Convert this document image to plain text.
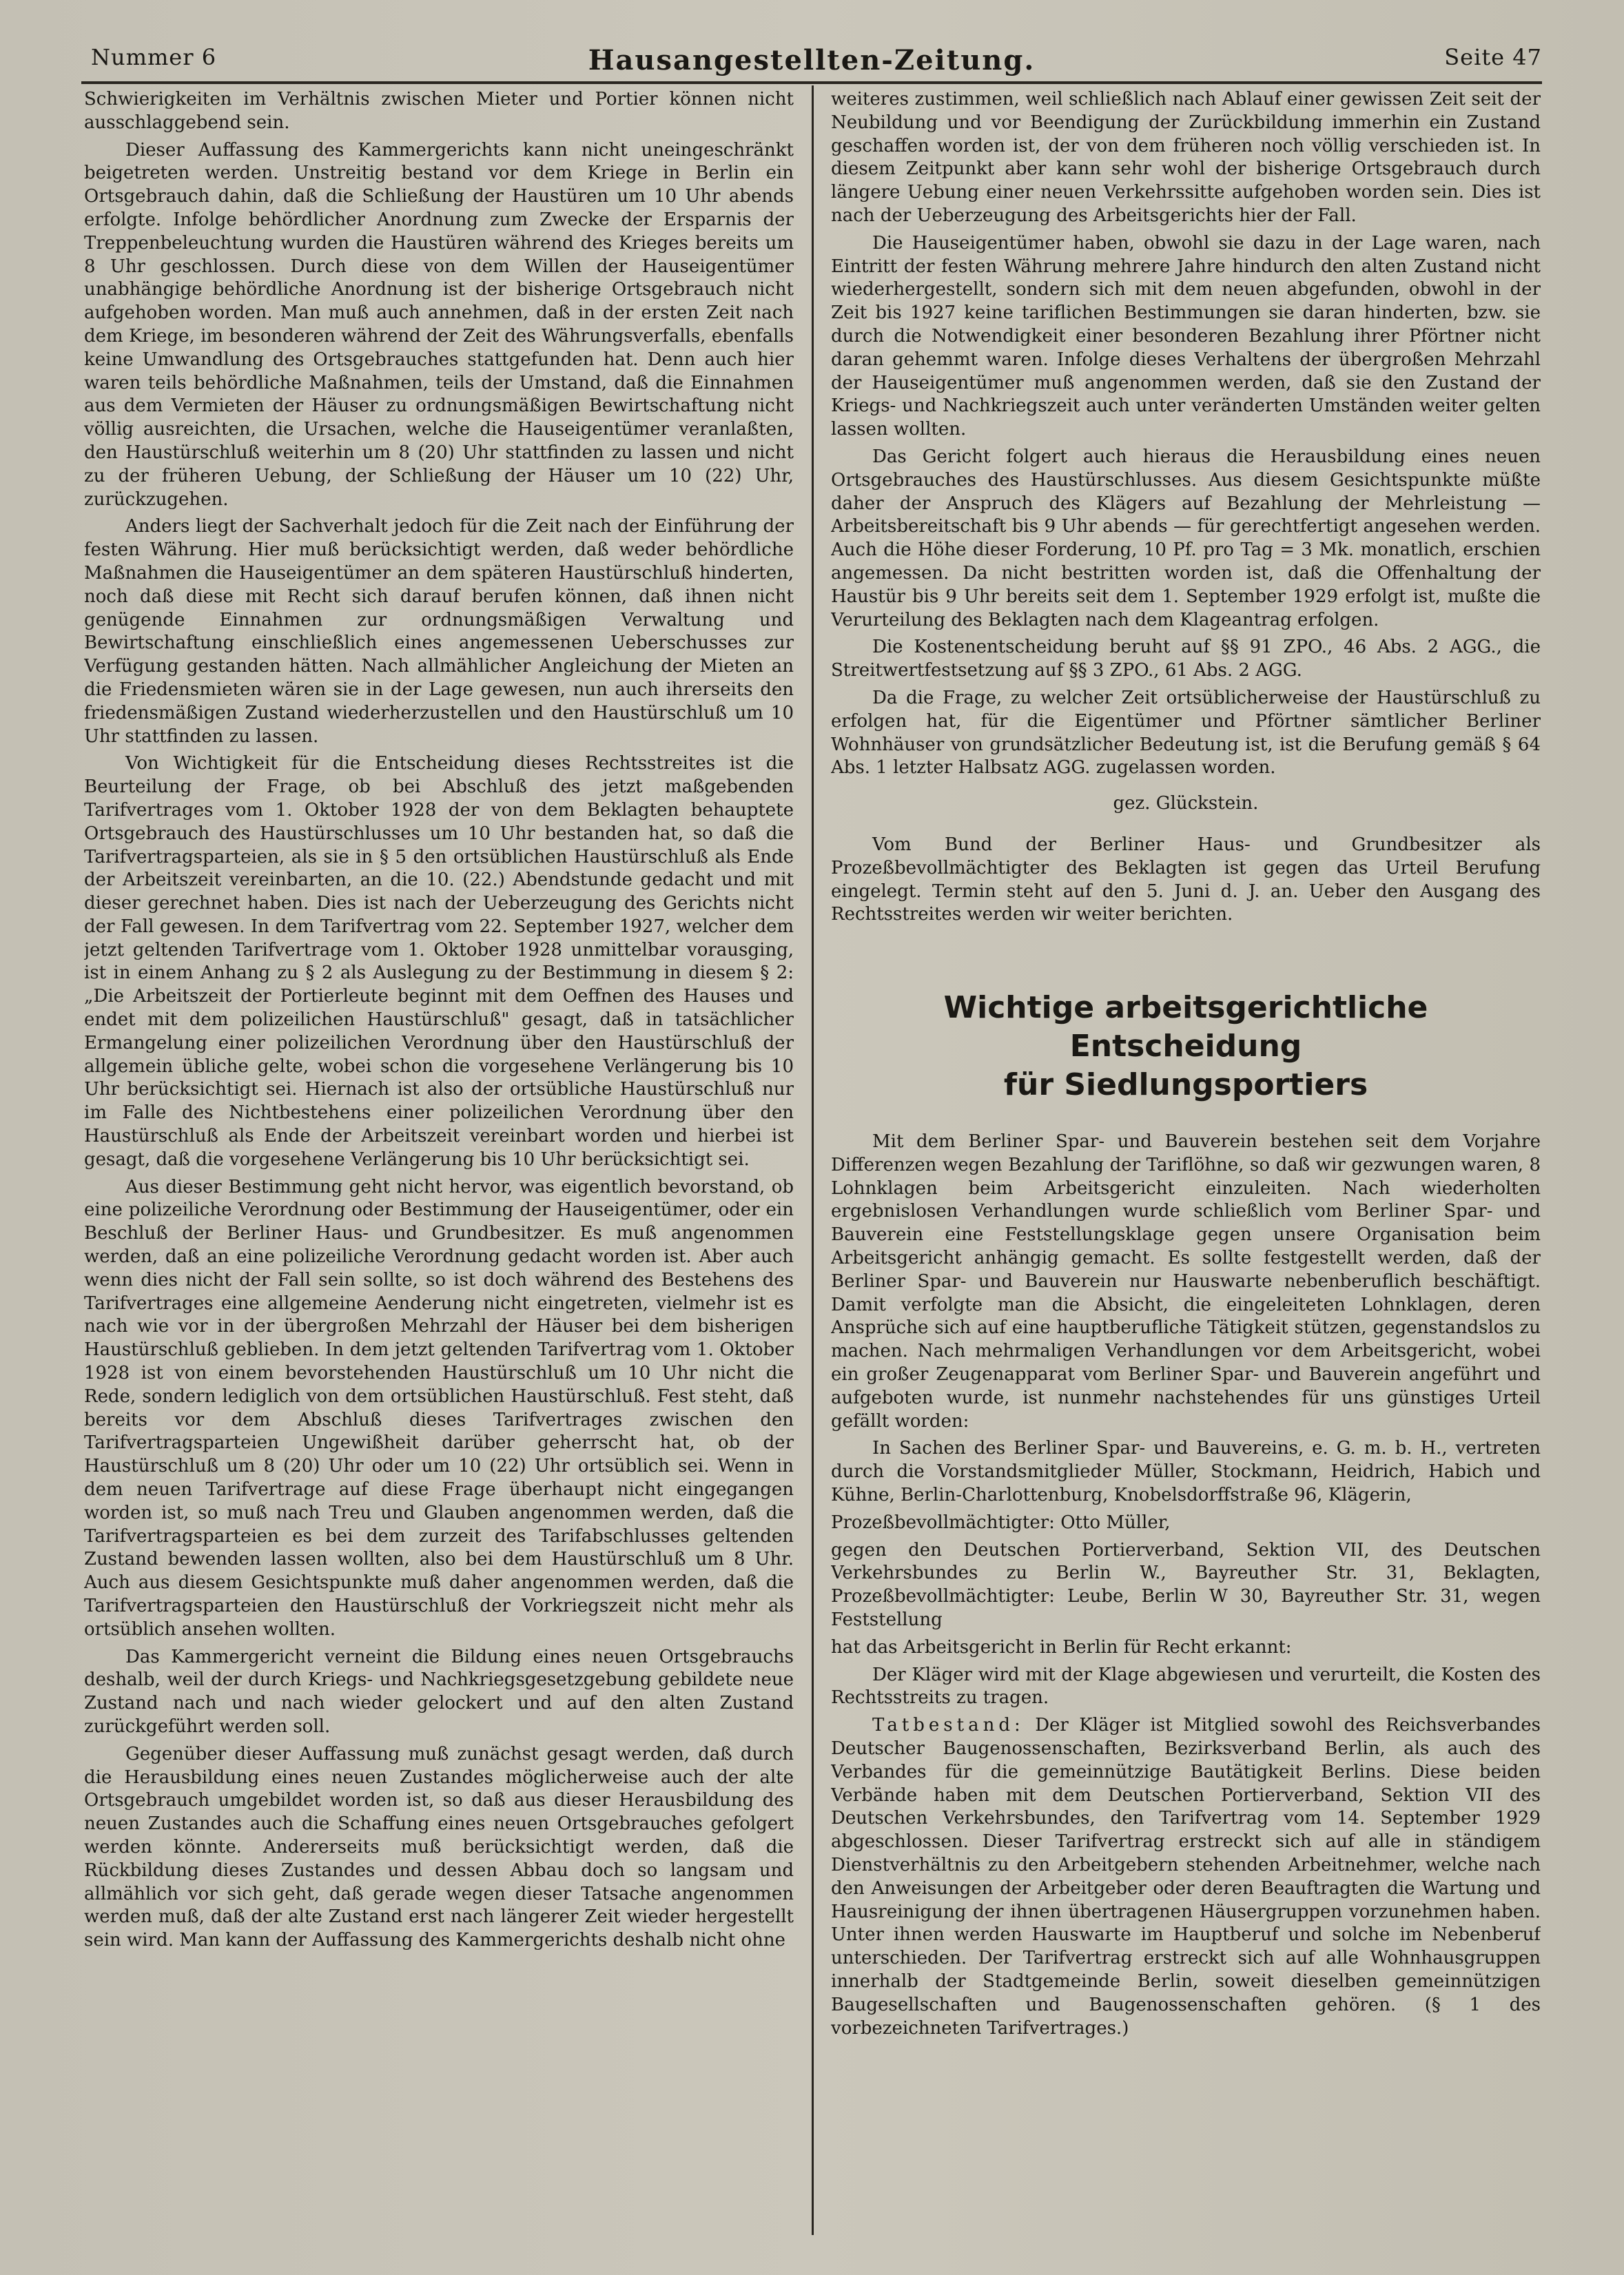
Nummer 6	Hausangestellten-Zeitung.	Seite 47

Schwierigkeiten im Verhältnis zwischen Mieter und Portier können nicht ausschlaggebend sein.

Dieser Auffassung des Kammergerichts kann nicht uneingeschränkt beigetreten werden. Unstreitig bestand vor dem Kriege in Berlin ein Ortsgebrauch dahin, daß die Schließung der Haustüren um 10 Uhr abends erfolgte. Infolge behördlicher Anordnung zum Zwecke der Ersparnis der Treppenbeleuchtung wurden die Haustüren während des Krieges bereits um 8 Uhr geschlossen. Durch diese von dem Willen der Hauseigentümer unabhängige behördliche Anordnung ist der bisherige Ortsgebrauch nicht aufgehoben worden. Man muß auch annehmen, daß in der ersten Zeit nach dem Kriege, im besonderen während der Zeit des Währungsverfalls, ebenfalls keine Umwandlung des Ortsgebrauches stattgefunden hat. Denn auch hier waren teils behördliche Maßnahmen, teils der Umstand, daß die Einnahmen aus dem Vermieten der Häuser zu ordnungsmäßigen Bewirtschaftung nicht völlig ausreichten, die Ursachen, welche die Hauseigentümer veranlaßten, den Haustürschluß weiterhin um 8 (20) Uhr stattfinden zu lassen und nicht zu der früheren Uebung, der Schließung der Häuser um 10 (22) Uhr, zurückzugehen.

Anders liegt der Sachverhalt jedoch für die Zeit nach der Einführung der festen Währung. Hier muß berücksichtigt werden, daß weder behördliche Maßnahmen die Hauseigentümer an dem späteren Haustürschluß hinderten, noch daß diese mit Recht sich darauf berufen können, daß ihnen nicht genügende Einnahmen zur ordnungsmäßigen Verwaltung und Bewirtschaftung einschließlich eines angemessenen Ueberschusses zur Verfügung gestanden hätten. Nach allmählicher Angleichung der Mieten an die Friedensmieten wären sie in der Lage gewesen, nun auch ihrerseits den friedensmäßigen Zustand wiederherzustellen und den Haustürschluß um 10 Uhr stattfinden zu lassen.

Von Wichtigkeit für die Entscheidung dieses Rechtsstreites ist die Beurteilung der Frage, ob bei Abschluß des jetzt maßgebenden Tarifvertrages vom 1. Oktober 1928 der von dem Beklagten behauptete Ortsgebrauch des Haustürschlusses um 10 Uhr bestanden hat, so daß die Tarifvertragsparteien, als sie in § 5 den ortsüblichen Haustürschluß als Ende der Arbeitszeit vereinbarten, an die 10. (22.) Abendstunde gedacht und mit dieser gerechnet haben. Dies ist nach der Ueberzeugung des Gerichts nicht der Fall gewesen. In dem Tarifvertrag vom 22. September 1927, welcher dem jetzt geltenden Tarifvertrage vom 1. Oktober 1928 unmittelbar vorausging, ist in einem Anhang zu § 2 als Auslegung zu der Bestimmung in diesem § 2: „Die Arbeitszeit der Portierleute beginnt mit dem Oeffnen des Hauses und endet mit dem polizeilichen Haustürschluß" gesagt, daß in tatsächlicher Ermangelung einer polizeilichen Verordnung über den Haustürschluß der allgemein übliche gelte, wobei schon die vorgesehene Verlängerung bis 10 Uhr berücksichtigt sei. Hiernach ist also der ortsübliche Haustürschluß nur im Falle des Nichtbestehens einer polizeilichen Verordnung über den Haustürschluß als Ende der Arbeitszeit vereinbart worden und hierbei ist gesagt, daß die vorgesehene Verlängerung bis 10 Uhr berücksichtigt sei.

Aus dieser Bestimmung geht nicht hervor, was eigentlich bevorstand, ob eine polizeiliche Verordnung oder Bestimmung der Hauseigentümer, oder ein Beschluß der Berliner Haus- und Grundbesitzer. Es muß angenommen werden, daß an eine polizeiliche Verordnung gedacht worden ist. Aber auch wenn dies nicht der Fall sein sollte, so ist doch während des Bestehens des Tarifvertrages eine allgemeine Aenderung nicht eingetreten, vielmehr ist es nach wie vor in der übergroßen Mehrzahl der Häuser bei dem bisherigen Haustürschluß geblieben. In dem jetzt geltenden Tarifvertrag vom 1. Oktober 1928 ist von einem bevorstehenden Haustürschluß um 10 Uhr nicht die Rede, sondern lediglich von dem ortsüblichen Haustürschluß. Fest steht, daß bereits vor dem Abschluß dieses Tarifvertrages zwischen den Tarifvertragsparteien Ungewißheit darüber geherrscht hat, ob der Haustürschluß um 8 (20) Uhr oder um 10 (22) Uhr ortsüblich sei. Wenn in dem neuen Tarifvertrage auf diese Frage überhaupt nicht eingegangen worden ist, so muß nach Treu und Glauben angenommen werden, daß die Tarifvertragsparteien es bei dem zurzeit des Tarifabschlusses geltenden Zustand bewenden lassen wollten, also bei dem Haustürschluß um 8 Uhr. Auch aus diesem Gesichtspunkte muß daher angenommen werden, daß die Tarifvertragsparteien den Haustürschluß der Vorkriegszeit nicht mehr als ortsüblich ansehen wollten.

Das Kammergericht verneint die Bildung eines neuen Ortsgebrauchs deshalb, weil der durch Kriegs- und Nachkriegsgesetzgebung gebildete neue Zustand nach und nach wieder gelockert und auf den alten Zustand zurückgeführt werden soll.

Gegenüber dieser Auffassung muß zunächst gesagt werden, daß durch die Herausbildung eines neuen Zustandes möglicherweise auch der alte Ortsgebrauch umgebildet worden ist, so daß aus dieser Herausbildung des neuen Zustandes auch die Schaffung eines neuen Ortsgebrauches gefolgert werden könnte. Andererseits muß berücksichtigt werden, daß die Rückbildung dieses Zustandes und dessen Abbau doch so langsam und allmählich vor sich geht, daß gerade wegen dieser Tatsache angenommen werden muß, daß der alte Zustand erst nach längerer Zeit wieder hergestellt sein wird. Man kann der Auffassung des Kammergerichts deshalb nicht ohne

weiteres zustimmen, weil schließlich nach Ablauf einer gewissen Zeit seit der Neubildung und vor Beendigung der Zurückbildung immerhin ein Zustand geschaffen worden ist, der von dem früheren noch völlig verschieden ist. In diesem Zeitpunkt aber kann sehr wohl der bisherige Ortsgebrauch durch längere Uebung einer neuen Verkehrssitte aufgehoben worden sein. Dies ist nach der Ueberzeugung des Arbeitsgerichts hier der Fall.

Die Hauseigentümer haben, obwohl sie dazu in der Lage waren, nach Eintritt der festen Währung mehrere Jahre hindurch den alten Zustand nicht wiederhergestellt, sondern sich mit dem neuen abgefunden, obwohl in der Zeit bis 1927 keine tariflichen Bestimmungen sie daran hinderten, bzw. sie durch die Notwendigkeit einer besonderen Bezahlung ihrer Pförtner nicht daran gehemmt waren. Infolge dieses Verhaltens der übergroßen Mehrzahl der Hauseigentümer muß angenommen werden, daß sie den Zustand der Kriegs- und Nachkriegszeit auch unter veränderten Umständen weiter gelten lassen wollten.

Das Gericht folgert auch hieraus die Herausbildung eines neuen Ortsgebrauches des Haustürschlusses. Aus diesem Gesichtspunkte müßte daher der Anspruch des Klägers auf Bezahlung der Mehrleistung — Arbeitsbereitschaft bis 9 Uhr abends — für gerechtfertigt angesehen werden. Auch die Höhe dieser Forderung, 10 Pf. pro Tag = 3 Mk. monatlich, erschien angemessen. Da nicht bestritten worden ist, daß die Offenhaltung der Haustür bis 9 Uhr bereits seit dem 1. September 1929 erfolgt ist, mußte die Verurteilung des Beklagten nach dem Klageantrag erfolgen.

Die Kostenentscheidung beruht auf §§ 91 ZPO., 46 Abs. 2 AGG., die Streitwertfestsetzung auf §§ 3 ZPO., 61 Abs. 2 AGG.

Da die Frage, zu welcher Zeit ortsüblicherweise der Haustürschluß zu erfolgen hat, für die Eigentümer und Pförtner sämtlicher Berliner Wohnhäuser von grundsätzlicher Bedeutung ist, ist die Berufung gemäß § 64 Abs. 1 letzter Halbsatz AGG. zugelassen worden.

gez. Glückstein.

Vom Bund der Berliner Haus- und Grundbesitzer als Prozeßbevollmächtigter des Beklagten ist gegen das Urteil Berufung eingelegt. Termin steht auf den 5. Juni d. J. an. Ueber den Ausgang des Rechtsstreites werden wir weiter berichten.

Wichtige arbeitsgerichtliche Entscheidung
für Siedlungsportiers

Mit dem Berliner Spar- und Bauverein bestehen seit dem Vorjahre Differenzen wegen Bezahlung der Tariflöhne, so daß wir gezwungen waren, 8 Lohnklagen beim Arbeitsgericht einzuleiten. Nach wiederholten ergebnislosen Verhandlungen wurde schließlich vom Berliner Spar- und Bauverein eine Feststellungsklage gegen unsere Organisation beim Arbeitsgericht anhängig gemacht. Es sollte festgestellt werden, daß der Berliner Spar- und Bauverein nur Hauswarte nebenberuflich beschäftigt. Damit verfolgte man die Absicht, die eingeleiteten Lohnklagen, deren Ansprüche sich auf eine hauptberufliche Tätigkeit stützen, gegenstandslos zu machen. Nach mehrmaligen Verhandlungen vor dem Arbeitsgericht, wobei ein großer Zeugenapparat vom Berliner Spar- und Bauverein angeführt und aufgeboten wurde, ist nunmehr nachstehendes für uns günstiges Urteil gefällt worden:

In Sachen des Berliner Spar- und Bauvereins, e. G. m. b. H., vertreten durch die Vorstandsmitglieder Müller, Stockmann, Heidrich, Habich und Kühne, Berlin-Charlottenburg, Knobelsdorffstraße 96, Klägerin,

Prozeßbevollmächtigter: Otto Müller,

gegen den Deutschen Portierverband, Sektion VII, des Deutschen Verkehrsbundes zu Berlin W., Bayreuther Str. 31, Beklagten, Prozeßbevollmächtigter: Leube, Berlin W 30, Bayreuther Str. 31, wegen Feststellung

hat das Arbeitsgericht in Berlin für Recht erkannt:

Der Kläger wird mit der Klage abgewiesen und verurteilt, die Kosten des Rechtsstreits zu tragen.

Tatbestand: Der Kläger ist Mitglied sowohl des Reichsverbandes Deutscher Baugenossenschaften, Bezirksverband Berlin, als auch des Verbandes für die gemeinnützige Bautätigkeit Berlins. Diese beiden Verbände haben mit dem Deutschen Portierverband, Sektion VII des Deutschen Verkehrsbundes, den Tarifvertrag vom 14. September 1929 abgeschlossen. Dieser Tarifvertrag erstreckt sich auf alle in ständigem Dienstverhältnis zu den Arbeitgebern stehenden Arbeitnehmer, welche nach den Anweisungen der Arbeitgeber oder deren Beauftragten die Wartung und Hausreinigung der ihnen übertragenen Häusergruppen vorzunehmen haben. Unter ihnen werden Hauswarte im Hauptberuf und solche im Nebenberuf unterschieden. Der Tarifvertrag erstreckt sich auf alle Wohnhausgruppen innerhalb der Stadtgemeinde Berlin, soweit dieselben gemeinnützigen Baugesellschaften und Baugenossenschaften gehören. (§ 1 des vorbezeichneten Tarifvertrages.)
